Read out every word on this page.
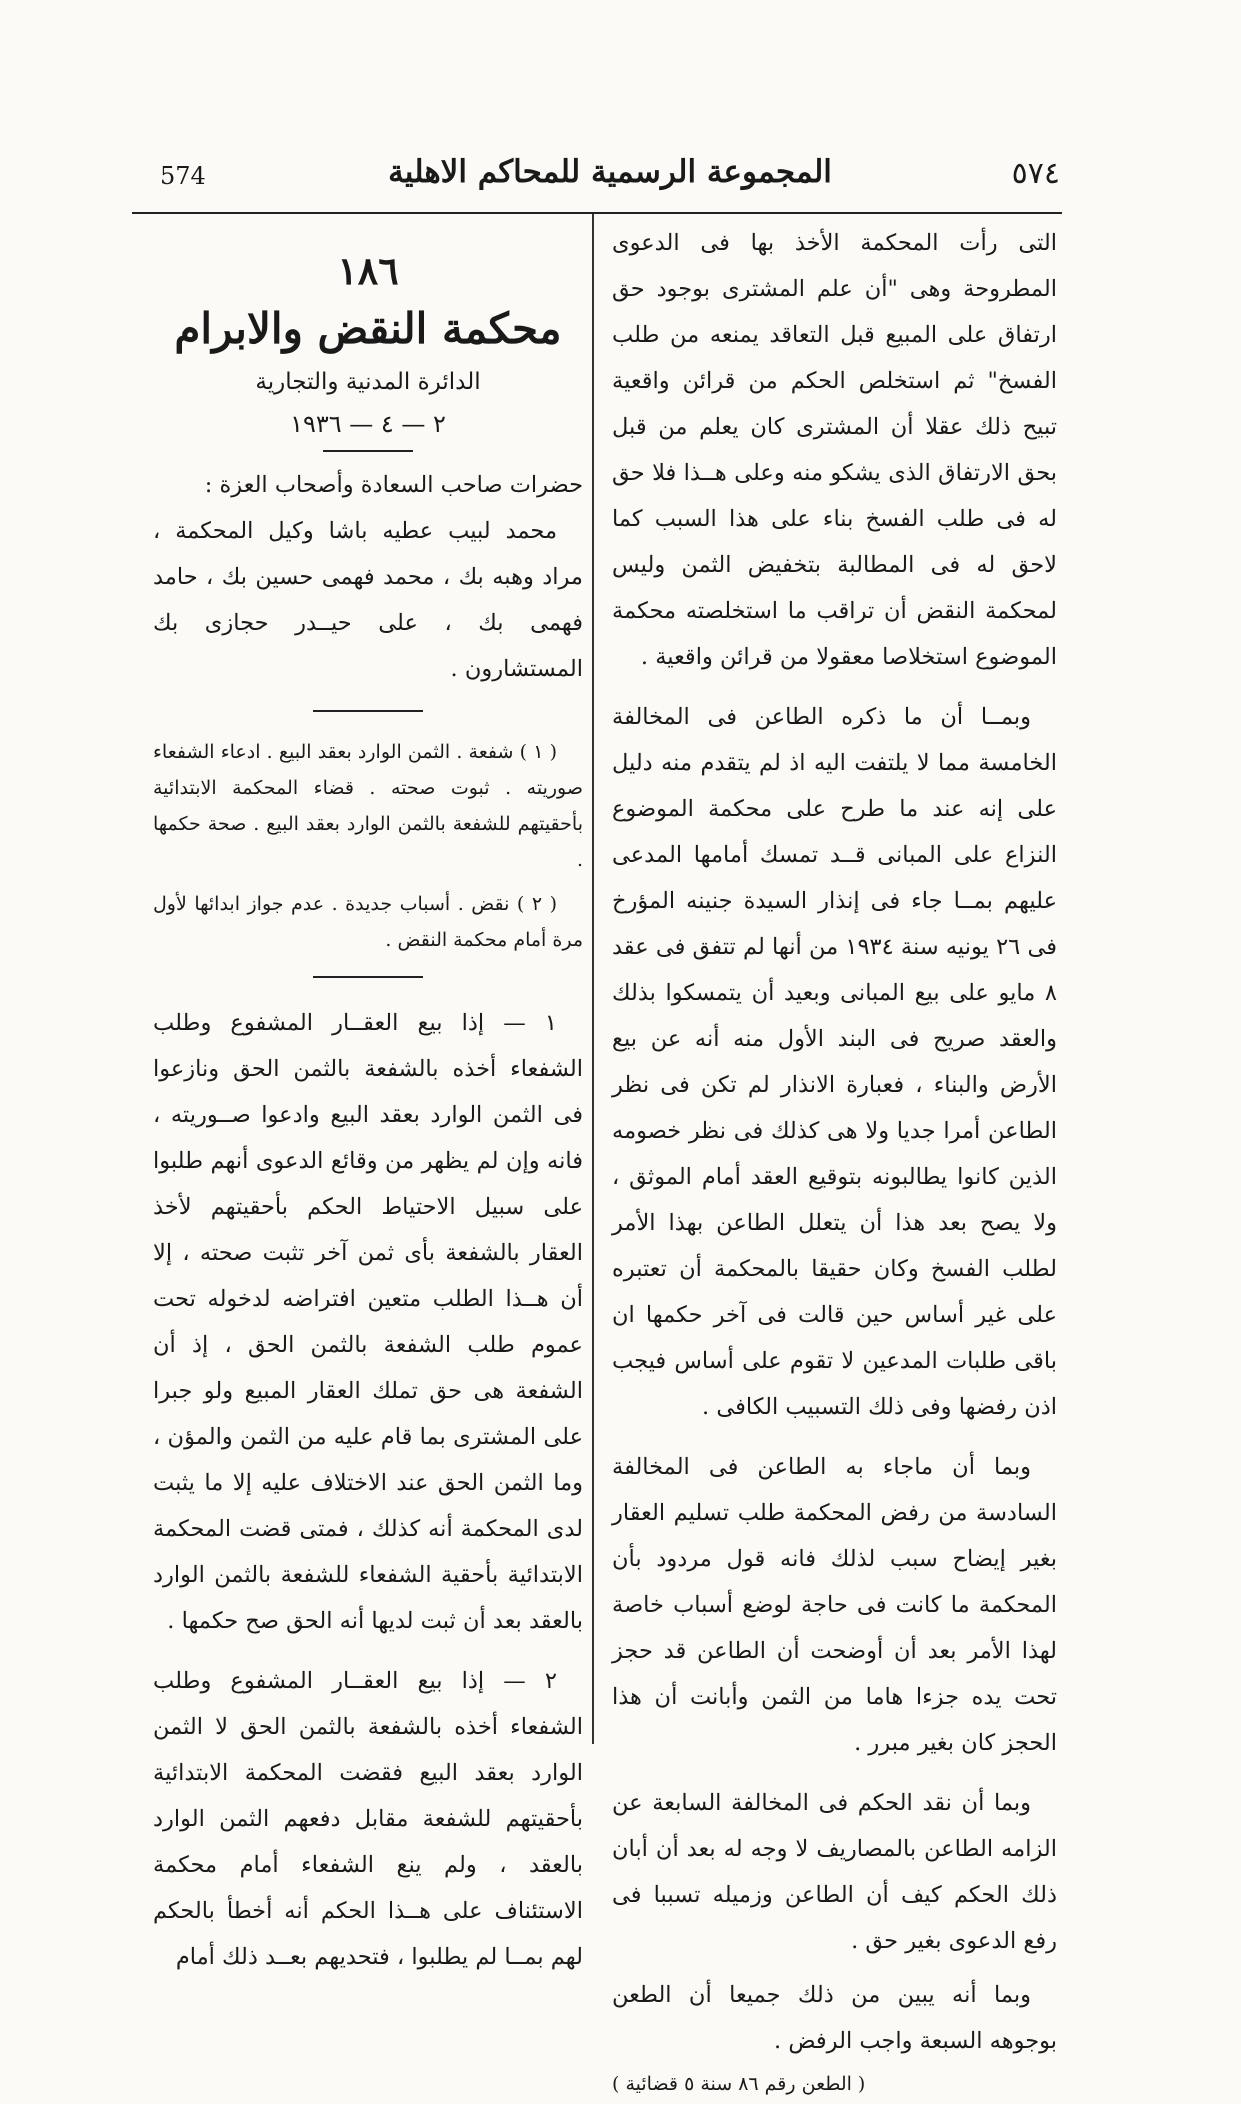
574	المجموعة الرسمية للمحاكم الاهلية	٥٧٤

التى رأت المحكمة الأخذ بها فى الدعوى المطروحة وهى "أن علم المشترى بوجود حق ارتفاق على المبيع قبل التعاقد يمنعه من طلب الفسخ" ثم استخلص الحكم من قرائن واقعية تبيح ذلك عقلا أن المشترى كان يعلم من قبل بحق الارتفاق الذى يشكو منه وعلى هــذا فلا حق له فى طلب الفسخ بناء على هذا السبب كما لاحق له فى المطالبة بتخفيض الثمن وليس لمحكمة النقض أن تراقب ما استخلصته محكمة الموضوع استخلاصا معقولا من قرائن واقعية .

وبمــا أن ما ذكره الطاعن فى المخالفة الخامسة مما لا يلتفت اليه اذ لم يتقدم منه دليل على إنه عند ما طرح على محكمة الموضوع النزاع على المبانى قــد تمسك أمامها المدعى عليهم بمــا جاء فى إنذار السيدة جنينه المؤرخ فى ٢٦ يونيه سنة ١٩٣٤ من أنها لم تتفق فى عقد ٨ مايو على بيع المبانى وبعيد أن يتمسكوا بذلك والعقد صريح فى البند الأول منه أنه عن بيع الأرض والبناء ، فعبارة الانذار لم تكن فى نظر الطاعن أمرا جديا ولا هى كذلك فى نظر خصومه الذين كانوا يطالبونه بتوقيع العقد أمام الموثق ، ولا يصح بعد هذا أن يتعلل الطاعن بهذا الأمر لطلب الفسخ وكان حقيقا بالمحكمة أن تعتبره على غير أساس حين قالت فى آخر حكمها ان باقى طلبات المدعين لا تقوم على أساس فيجب اذن رفضها وفى ذلك التسبيب الكافى .

وبما أن ماجاء به الطاعن فى المخالفة السادسة من رفض المحكمة طلب تسليم العقار بغير إيضاح سبب لذلك فانه قول مردود بأن المحكمة ما كانت فى حاجة لوضع أسباب خاصة لهذا الأمر بعد أن أوضحت أن الطاعن قد حجز تحت يده جزءا هاما من الثمن وأبانت أن هذا الحجز كان بغير مبرر .

وبما أن نقد الحكم فى المخالفة السابعة عن الزامه الطاعن بالمصاريف لا وجه له بعد أن أبان ذلك الحكم كيف أن الطاعن وزميله تسببا فى رفع الدعوى بغير حق .

وبما أنه يبين من ذلك جميعا أن الطعن بوجوهه السبعة واجب الرفض .

( الطعن رقم ٨٦ سنة ٥ قضائية )

١٨٦
محكمة النقض والابرام
الدائرة المدنية والتجارية
٢ — ٤ — ١٩٣٦

حضرات صاحب السعادة وأصحاب العزة :

محمد لبيب عطيه باشا وكيل المحكمة ، مراد وهبه بك ، محمد فهمى حسين بك ، حامد فهمى بك ، على حيــدر حجازى بك المستشارون .

( ١ ) شفعة . الثمن الوارد بعقد البيع . ادعاء الشفعاء صوريته . ثبوت صحته . قضاء المحكمة الابتدائية بأحقيتهم للشفعة بالثمن الوارد بعقد البيع . صحة حكمها .

( ٢ ) نقض . أسباب جديدة . عدم جواز ابدائها لأول مرة أمام محكمة النقض .

١ — إذا بيع العقــار المشفوع وطلب الشفعاء أخذه بالشفعة بالثمن الحق ونازعوا فى الثمن الوارد بعقد البيع وادعوا صــوريته ، فانه وإن لم يظهر من وقائع الدعوى أنهم طلبوا على سبيل الاحتياط الحكم بأحقيتهم لأخذ العقار بالشفعة بأى ثمن آخر تثبت صحته ، إلا أن هــذا الطلب متعين افتراضه لدخوله تحت عموم طلب الشفعة بالثمن الحق ، إذ أن الشفعة هى حق تملك العقار المبيع ولو جبرا على المشترى بما قام عليه من الثمن والمؤن ، وما الثمن الحق عند الاختلاف عليه إلا ما يثبت لدى المحكمة أنه كذلك ، فمتى قضت المحكمة الابتدائية بأحقية الشفعاء للشفعة بالثمن الوارد بالعقد بعد أن ثبت لديها أنه الحق صح حكمها .

٢ — إذا بيع العقــار المشفوع وطلب الشفعاء أخذه بالشفعة بالثمن الحق لا الثمن الوارد بعقد البيع فقضت المحكمة الابتدائية بأحقيتهم للشفعة مقابل دفعهم الثمن الوارد بالعقد ، ولم ينع الشفعاء أمام محكمة الاستئناف على هــذا الحكم أنه أخطأ بالحكم لهم بمــا لم يطلبوا ، فتحديهم بعــد ذلك أمام
